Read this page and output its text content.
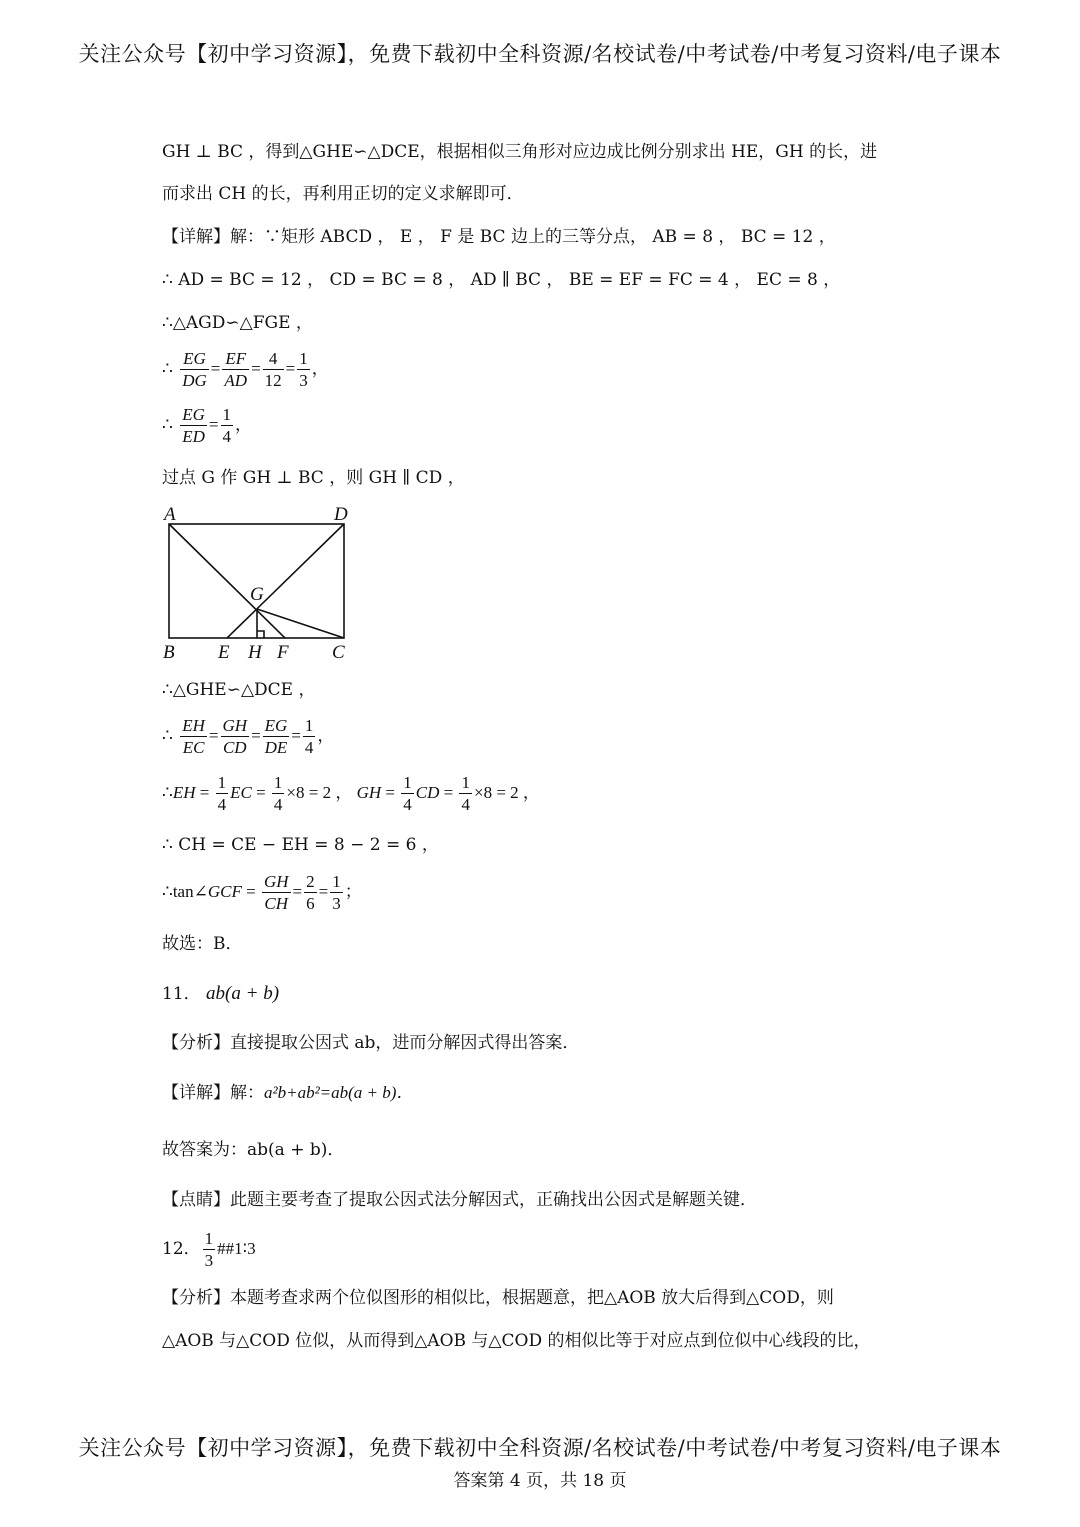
关注公众号【初中学习资源】，免费下载初中全科资源/名校试卷/中考试卷/中考复习资料/电子课本
GH ⊥ BC ，得到△GHE∽△DCE，根据相似三角形对应边成比例分别求出 HE，GH 的长，进
而求出 CH 的长，再利用正切的定义求解即可．
【详解】解：∵矩形 ABCD ， E ， F 是 BC 边上的三等分点， AB = 8 ， BC = 12 ，
∴ AD = BC = 12 ， CD = BC = 8 ， AD ∥ BC ， BE = EF = FC = 4 ， EC = 8 ，
∴△AGD∽△FGE ，
∴ $\frac{EG}{DG} = \frac{EF}{AD} = \frac{4}{12} = \frac{1}{3}$ ，
∴ $\frac{EG}{ED} = \frac{1}{4}$ ，
过点 G 作 GH ⊥ BC ，则 GH ∥ CD ，
A	D
G
B E H F C
∴△GHE∽△DCE ，
∴ $\frac{EH}{EC} = \frac{GH}{CD} = \frac{EG}{DE} = \frac{1}{4}$ ，
∴EH = $\frac{1}{4}$ EC = $\frac{1}{4} \times 8 = 2$ ， GH = $\frac{1}{4}$ CD = $\frac{1}{4} \times 8 = 2$ ，
∴ CH = CE − EH = 8 − 2 = 6 ，
∴tan∠GCF = $\frac{GH}{CH} = \frac{2}{6} = \frac{1}{3}$ ；
故选：B．
11． ab(a + b)
【分析】直接提取公因式 ab，进而分解因式得出答案．
【详解】解：a²b+ab²=ab(a + b)．
故答案为：ab(a + b)．
【点睛】此题主要考查了提取公因式法分解因式，正确找出公因式是解题关键．
12． $\frac{1}{3}$ ##1∶3
【分析】本题考查求两个位似图形的相似比，根据题意，把△AOB 放大后得到△COD，则
△AOB 与△COD 位似，从而得到△AOB 与△COD 的相似比等于对应点到位似中心线段的比，
关注公众号【初中学习资源】，免费下载初中全科资源/名校试卷/中考试卷/中考复习资料/电子课本
答案第 4 页，共 18 页
